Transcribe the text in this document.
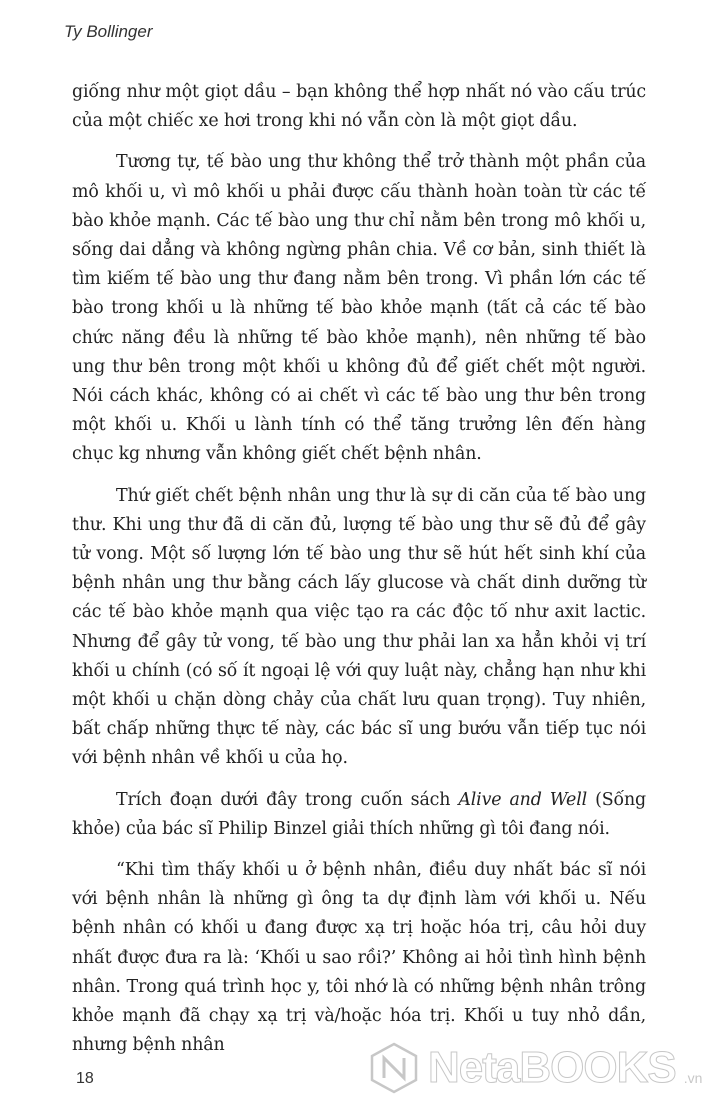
Ty Bollinger

giống như một giọt dầu – bạn không thể hợp nhất nó vào cấu trúc của một chiếc xe hơi trong khi nó vẫn còn là một giọt dầu.

Tương tự, tế bào ung thư không thể trở thành một phần của mô khối u, vì mô khối u phải được cấu thành hoàn toàn từ các tế bào khỏe mạnh. Các tế bào ung thư chỉ nằm bên trong mô khối u, sống dai dẳng và không ngừng phân chia. Về cơ bản, sinh thiết là tìm kiếm tế bào ung thư đang nằm bên trong. Vì phần lớn các tế bào trong khối u là những tế bào khỏe mạnh (tất cả các tế bào chức năng đều là những tế bào khỏe mạnh), nên những tế bào ung thư bên trong một khối u không đủ để giết chết một người. Nói cách khác, không có ai chết vì các tế bào ung thư bên trong một khối u. Khối u lành tính có thể tăng trưởng lên đến hàng chục kg nhưng vẫn không giết chết bệnh nhân.

Thứ giết chết bệnh nhân ung thư là sự di căn của tế bào ung thư. Khi ung thư đã di căn đủ, lượng tế bào ung thư sẽ đủ để gây tử vong. Một số lượng lớn tế bào ung thư sẽ hút hết sinh khí của bệnh nhân ung thư bằng cách lấy glucose và chất dinh dưỡng từ các tế bào khỏe mạnh qua việc tạo ra các độc tố như axit lactic. Nhưng để gây tử vong, tế bào ung thư phải lan xa hẳn khỏi vị trí khối u chính (có số ít ngoại lệ với quy luật này, chẳng hạn như khi một khối u chặn dòng chảy của chất lưu quan trọng). Tuy nhiên, bất chấp những thực tế này, các bác sĩ ung bướu vẫn tiếp tục nói với bệnh nhân về khối u của họ.

Trích đoạn dưới đây trong cuốn sách Alive and Well (Sống khỏe) của bác sĩ Philip Binzel giải thích những gì tôi đang nói.

“Khi tìm thấy khối u ở bệnh nhân, điều duy nhất bác sĩ nói với bệnh nhân là những gì ông ta dự định làm với khối u. Nếu bệnh nhân có khối u đang được xạ trị hoặc hóa trị, câu hỏi duy nhất được đưa ra là: ‘Khối u sao rồi?’ Không ai hỏi tình hình bệnh nhân. Trong quá trình học y, tôi nhớ là có những bệnh nhân trông khỏe mạnh đã chạy xạ trị và/hoặc hóa trị. Khối u tuy nhỏ dần, nhưng bệnh nhân

18	NetaBOOKS .vn
